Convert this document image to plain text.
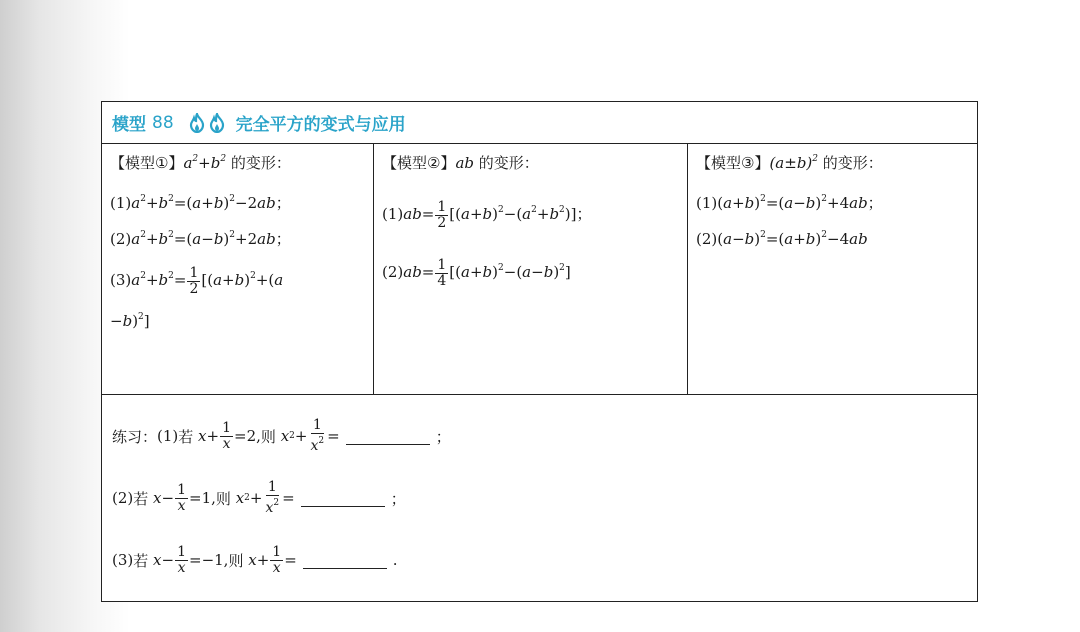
模型 88	完全平方的变式与应用
【模型①】$a^2+b^2$ 的变形：
$(1)a^2+b^2=(a+b)^2-2ab$；
$(2)a^2+b^2=(a-b)^2+2ab$；
$(3)a^2+b^2= \frac{1}{2} [(a+b)^2+(a$
−b)$^2$]
【模型②】ab 的变形：
$(1)ab= \frac{1}{2} [(a+b)^2-(a^2+b^2)]$；
$(2)ab= \frac{1}{4} [(a+b)^2-(a-b)^2]$
【模型③】$(a\pm b)^2$ 的变形：
$(1)(a+b)^2=(a-b)^2+4ab$；
$(2)(a-b)^2=(a+b)^2-4ab$
练习： (1) 若 $x + \frac{1}{x} =2$, 则
x $2 + \frac{1}{x^2}$ =	；
(2) 若 $x - \frac{1}{x} =1$, 则
x $2 + \frac{1}{x^2}$ =	；
(3) 若 $x - \frac{1}{x} =-1$, 则
$x + \frac{1}{x}$ =	.
